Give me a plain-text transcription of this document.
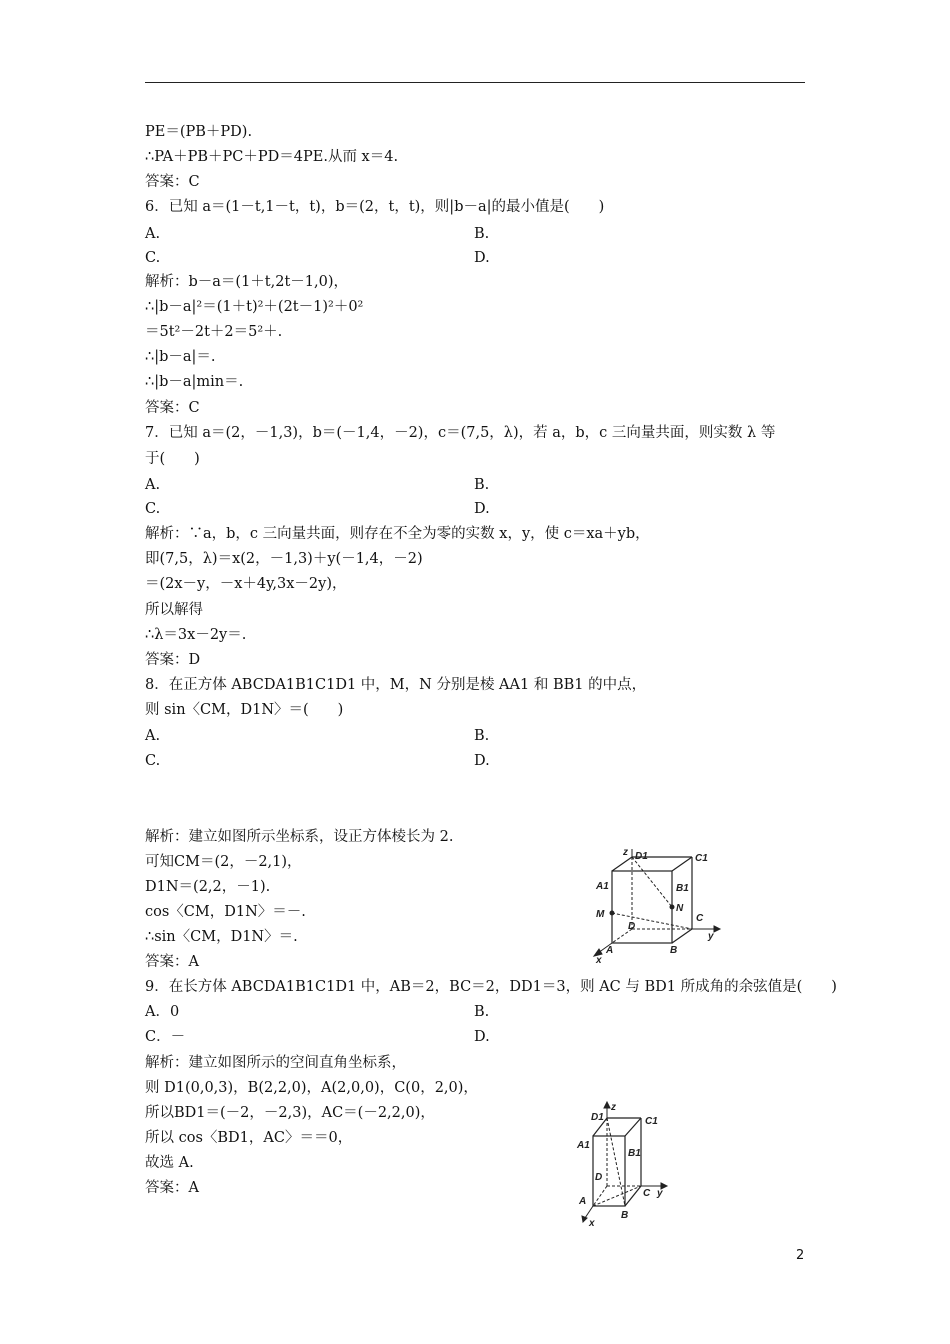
PE＝(PB＋PD).
∴PA＋PB＋PC＋PD＝4PE.从而 x＝4.
答案：C
6．已知 a＝(1－t,1－t，t)，b＝(2，t，t)，则|b－a|的最小值是(　　)
A.	B.
C.	D.
解析：b－a＝(1＋t,2t－1,0)，
∴|b－a|²＝(1＋t)²＋(2t－1)²＋0²
＝5t²－2t＋2＝5²＋.
∴|b－a|＝.
∴|b－a|min＝.
答案：C
7．已知 a＝(2，－1,3)，b＝(－1,4，－2)，c＝(7,5，λ)，若 a，b，c 三向量共面，则实数 λ 等
于(　　)
A.	B.
C.	D.
解析：∵a，b，c 三向量共面，则存在不全为零的实数 x，y，使 c＝xa＋yb，
即(7,5，λ)＝x(2，－1,3)＋y(－1,4，－2)
＝(2x－y，－x＋4y,3x－2y)，
所以解得
∴λ＝3x－2y＝.
答案：D
8．在正方体 ABCDA1B1C1D1 中，M，N 分别是棱 AA1 和 BB1 的中点，
则 sin〈CM，D1N〉＝(　　)
A.	B.
C.	D.
解析：建立如图所示坐标系，设正方体棱长为 2.
可知CM＝(2，－2,1)，
D1N＝(2,2，－1).
cos〈CM，D1N〉＝－.
∴sin〈CM，D1N〉＝.
答案：A
9．在长方体 ABCDA1B1C1D1 中，AB＝2，BC＝2，DD1＝3，则 AC 与 BD1 所成角的余弦值是(　　)
A．0	B.
C．－	D.
解析：建立如图所示的空间直角坐标系，
则 D1(0,0,3)，B(2,2,0)，A(2,0,0)，C(0，2,0)，
所以BD1＝(－2，－2,3)，AC＝(－2,2,0)，
所以 cos〈BD1，AC〉＝＝0，
故选 A.
答案：A
z D1	C1
A1	B1
M
N
C
y
D
A	B
x
D1
z
C1
A1
B1
D
C y
A
B
x
2
